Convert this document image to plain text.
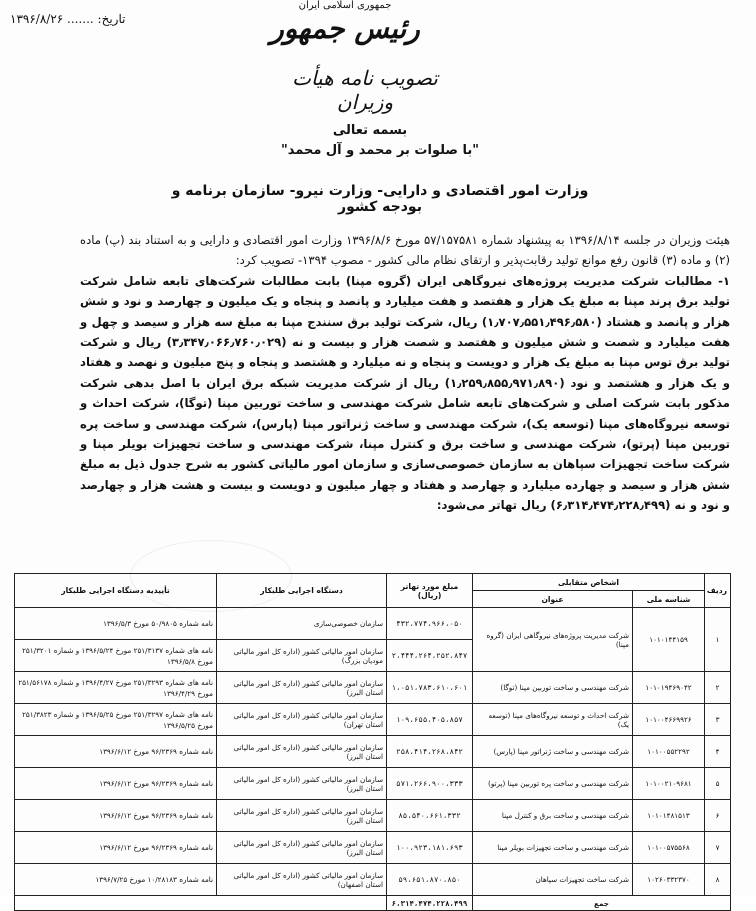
تاریخ: ....... ۱۳۹۶/۸/۲۶
جمهوری اسلامی ایران
رئیس جمهور
تصویب نامه هیأت وزیران
بسمه تعالی
"با صلوات بر محمد و آل محمد"
وزارت امور اقتصادی و دارایی- وزارت نیرو- سازمان برنامه و بودجه کشور

هیئت وزیران در جلسه ۱۳۹۶/۸/۱۴ به پیشنهاد شماره ۵۷/۱۵۷۵۸۱ مورخ ۱۳۹۶/۸/۶ وزارت امور اقتصادی و دارایی و به استناد بند (پ) ماده (۲) و ماده (۳) قانون رفع موانع تولید رقابت‌پذیر و ارتقای نظام مالی کشور - مصوب ۱۳۹۴- تصویب کرد:

۱- مطالبات شرکت مدیریت پروژه‌های نیروگاهی ایران (گروه مپنا) بابت مطالبات شرکت‌های تابعه شامل شرکت تولید برق پرند مپنا به مبلغ یک هزار و هفتصد و هفت میلیارد و پانصد و پنجاه و یک میلیون و چهارصد و نود و شش هزار و پانصد و هشتاد (۱٫۷۰۷٫۵۵۱٫۴۹۶٫۵۸۰) ریال، شرکت تولید برق سنندج مپنا به مبلغ سه هزار و سیصد و چهل و هفت میلیارد و شصت و شش میلیون و هفتصد و شصت هزار و بیست و نه (۳٫۳۴۷٫۰۶۶٫۷۶۰٫۰۲۹) ریال و شرکت تولید برق توس مپنا به مبلغ یک هزار و دویست و پنجاه و نه میلیارد و هشتصد و پنجاه و پنج میلیون و نهصد و هفتاد و یک هزار و هشتصد و نود (۱٫۲۵۹٫۸۵۵٫۹۷۱٫۸۹۰) ریال از شرکت مدیریت شبکه برق ایران با اصل بدهی شرکت مذکور بابت شرکت اصلی و شرکت‌های تابعه شامل شرکت مهندسی و ساخت توربین مپنا (توگا)، شرکت احداث و توسعه نیروگاه‌های مپنا (توسعه یک)، شرکت مهندسی و ساخت ژنراتور مپنا (پارس)، شرکت مهندسی و ساخت پره توربین مپنا (پرتو)، شرکت مهندسی و ساخت برق و کنترل مپنا، شرکت مهندسی و ساخت تجهیزات بویلر مپنا و شرکت ساخت تجهیزات سپاهان به سازمان خصوصی‌سازی و سازمان امور مالیاتی کشور به شرح جدول ذیل به مبلغ شش هزار و سیصد و چهارده میلیارد و چهارصد و هفتاد و چهار میلیون و دویست و بیست و هشت هزار و چهارصد و نود و نه (۶٫۳۱۴٫۴۷۴٫۲۲۸٫۴۹۹) ریال تهاتر می‌شود:

ردیف	اشخاص متقابلی		مبلغ مورد تهاتر (ریال)	دستگاه اجرایی طلبکار	تأییدیه دستگاه اجرایی طلبکار
	شناسه ملی	عنوان			
۱	۱۰۱۰۱۴۴۱۵۹	شرکت مدیریت پروژه‌های نیروگاهی ایران (گروه مپنا)	۴۳۲،۷۷۴،۹۶۶،۰۵۰	سازمان خصوصی‌سازی	نامه شماره ۵۰/۹۸۰۵ مورخ ۱۳۹۶/۵/۳
			۲،۴۴۴،۲۶۴،۲۵۲،۸۴۷	سازمان امور مالیاتی کشور (اداره کل امور مالیاتی مودیان بزرگ)	نامه های شماره ۲۵۱/۳۱۳۷ مورخ ۱۳۹۶/۵/۲۴ و شماره ۲۵۱/۳۲۰۱ مورخ ۱۳۹۶/۵/۸
۲	۱۰۱۰۱۹۴۶۹۰۴۲	شرکت مهندسی و ساخت توربین مپنا (توگا)	۱،۰۵۱،۷۸۳،۶۱۰،۶۰۱	سازمان امور مالیاتی کشور (اداره کل امور مالیاتی استان البرز)	نامه های شماره ۲۵۱/۳۲۹۳ مورخ ۱۳۹۶/۴/۲۷ و شماره ۲۵۱/۵۶۱۷۸ مورخ ۱۳۹۶/۴/۲۹
۳	۱۰۱۰۰۴۶۶۹۹۲۶	شرکت احداث و توسعه نیروگاه‌های مپنا (توسعه یک)	۱۰۹،۶۵۵،۴۰۵،۸۵۷	سازمان امور مالیاتی کشور (اداره کل امور مالیاتی استان تهران)	نامه های شماره ۲۵۱/۳۲۹۷ مورخ ۱۳۹۶/۵/۲۵ و شماره ۲۵۱/۳۸۲۳ مورخ ۱۳۹۶/۵/۲۵
۴	۱۰۱۰۰۵۵۲۲۹۲	شرکت مهندسی و ساخت ژنراتور مپنا (پارس)	۲۵۸،۴۱۴،۲۶۸،۸۴۲	سازمان امور مالیاتی کشور (اداره کل امور مالیاتی استان البرز)	نامه شماره ۹۶/۲۳۶۹ مورخ ۱۳۹۶/۶/۱۲
۵	۱۰۱۰۰۲۱۰۹۶۸۱	شرکت مهندسی و ساخت پره توربین مپنا (پرتو)	۵۷۱،۲۶۶،۹۰۰،۳۳۳	سازمان امور مالیاتی کشور (اداره کل امور مالیاتی استان البرز)	نامه شماره ۹۶/۲۳۶۹ مورخ ۱۳۹۶/۶/۱۲
۶	۱۰۱۰۱۴۸۱۵۱۳	شرکت مهندسی و ساخت برق و کنترل مپنا	۸۵،۵۴۰،۶۶۱،۳۳۲	سازمان امور مالیاتی کشور (اداره کل امور مالیاتی استان البرز)	نامه شماره ۹۶/۲۳۶۹ مورخ ۱۳۹۶/۶/۱۲
۷	۱۰۱۰۰۵۷۵۵۶۸	شرکت مهندسی و ساخت تجهیزات بویلر مپنا	۱۰۰،۹۲۳،۱۸۱،۶۹۳	سازمان امور مالیاتی کشور (اداره کل امور مالیاتی استان البرز)	نامه شماره ۹۶/۲۳۶۹ مورخ ۱۳۹۶/۶/۱۲
۸	۱۰۲۶۰۳۳۲۳۷۰	شرکت ساخت تجهیزات سپاهان	۵۹،۶۵۱،۸۷۰،۸۵۰	سازمان امور مالیاتی کشور (اداره کل امور مالیاتی استان اصفهان)	نامه شماره ۱۰/۲۸۱۸۳ مورخ ۱۳۹۶/۷/۲۵
جمع			۶،۳۱۴،۴۷۴،۲۲۸،۴۹۹		
